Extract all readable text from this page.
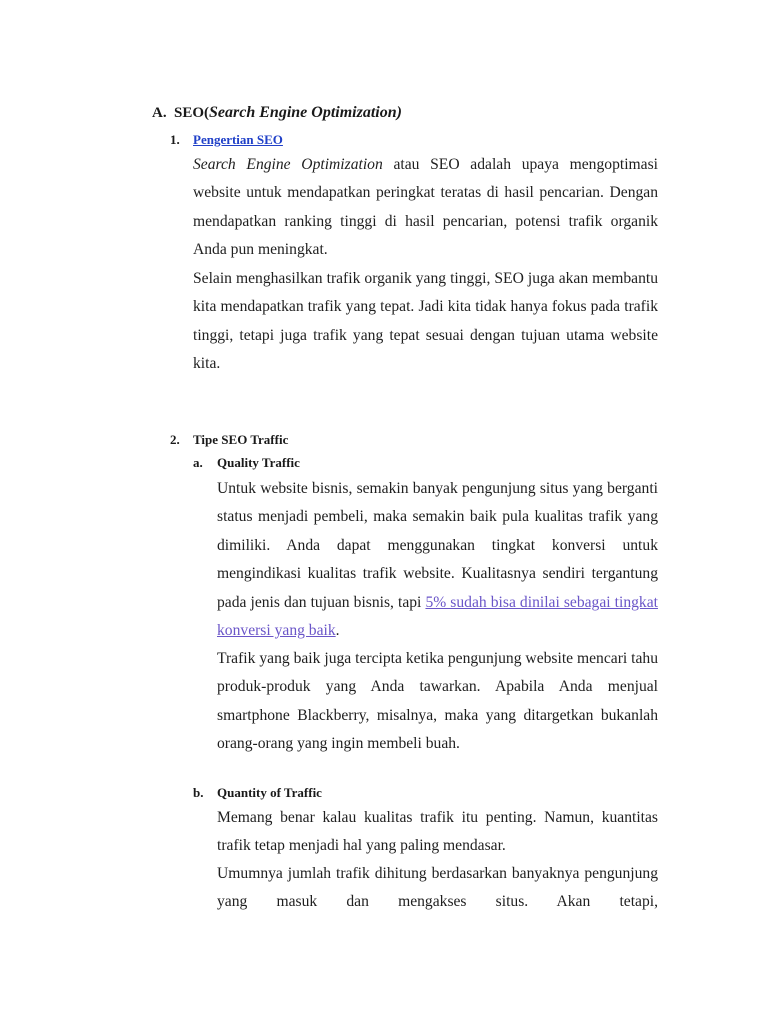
A. SEO(Search Engine Optimization)
1. Pengertian SEO

Search Engine Optimization atau SEO adalah upaya mengoptimasi website untuk mendapatkan peringkat teratas di hasil pencarian. Dengan mendapatkan ranking tinggi di hasil pencarian, potensi trafik organik Anda pun meningkat.

Selain menghasilkan trafik organik yang tinggi, SEO juga akan membantu kita mendapatkan trafik yang tepat. Jadi kita tidak hanya fokus pada trafik tinggi, tetapi juga trafik yang tepat sesuai dengan tujuan utama website kita.

2. Tipe SEO Traffic
a. Quality Traffic

Untuk website bisnis, semakin banyak pengunjung situs yang berganti status menjadi pembeli, maka semakin baik pula kualitas trafik yang dimiliki. Anda dapat menggunakan tingkat konversi untuk mengindikasi kualitas trafik website. Kualitasnya sendiri tergantung pada jenis dan tujuan bisnis, tapi 5% sudah bisa dinilai sebagai tingkat konversi yang baik.

Trafik yang baik juga tercipta ketika pengunjung website mencari tahu produk-produk yang Anda tawarkan. Apabila Anda menjual smartphone Blackberry, misalnya, maka yang ditargetkan bukanlah orang-orang yang ingin membeli buah.

b. Quantity of Traffic

Memang benar kalau kualitas trafik itu penting. Namun, kuantitas trafik tetap menjadi hal yang paling mendasar.

Umumnya jumlah trafik dihitung berdasarkan banyaknya pengunjung yang masuk dan mengakses situs. Akan tetapi,
